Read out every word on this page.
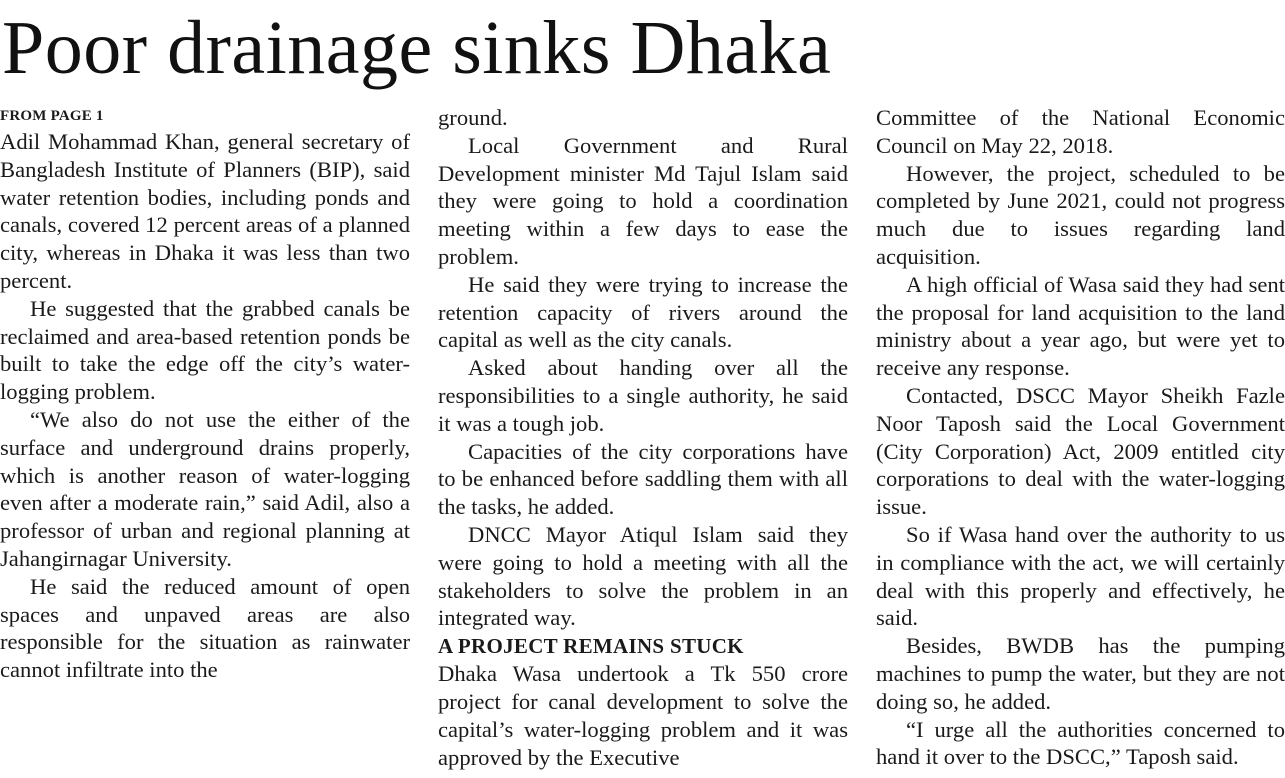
Poor drainage sinks Dhaka
FROM PAGE 1

Adil Mohammad Khan, general secretary of Bangladesh Institute of Planners (BIP), said water retention bodies, including ponds and canals, covered 12 percent areas of a planned city, whereas in Dhaka it was less than two percent.

He suggested that the grabbed canals be reclaimed and area-based retention ponds be built to take the edge off the city’s water-logging problem.

“We also do not use the either of the surface and underground drains properly, which is another reason of water-logging even after a moderate rain,” said Adil, also a professor of urban and regional planning at Jahangirnagar University.

He said the reduced amount of open spaces and unpaved areas are also responsible for the situation as rainwater cannot infiltrate into the

ground.

Local Government and Rural Development minister Md Tajul Islam said they were going to hold a coordination meeting within a few days to ease the problem.

He said they were trying to increase the retention capacity of rivers around the capital as well as the city canals.

Asked about handing over all the responsibilities to a single authority, he said it was a tough job.

Capacities of the city corporations have to be enhanced before saddling them with all the tasks, he added.

DNCC Mayor Atiqul Islam said they were going to hold a meeting with all the stakeholders to solve the problem in an integrated way.

A PROJECT REMAINS STUCK

Dhaka Wasa undertook a Tk 550 crore project for canal development to solve the capital’s water-logging problem and it was approved by the Executive

Committee of the National Economic Council on May 22, 2018.

However, the project, scheduled to be completed by June 2021, could not progress much due to issues regarding land acquisition.

A high official of Wasa said they had sent the proposal for land acquisition to the land ministry about a year ago, but were yet to receive any response.

Contacted, DSCC Mayor Sheikh Fazle Noor Taposh said the Local Government (City Corporation) Act, 2009 entitled city corporations to deal with the water-logging issue.

So if Wasa hand over the authority to us in compliance with the act, we will certainly deal with this properly and effectively, he said.

Besides, BWDB has the pumping machines to pump the water, but they are not doing so, he added.

“I urge all the authorities concerned to hand it over to the DSCC,” Taposh said.
